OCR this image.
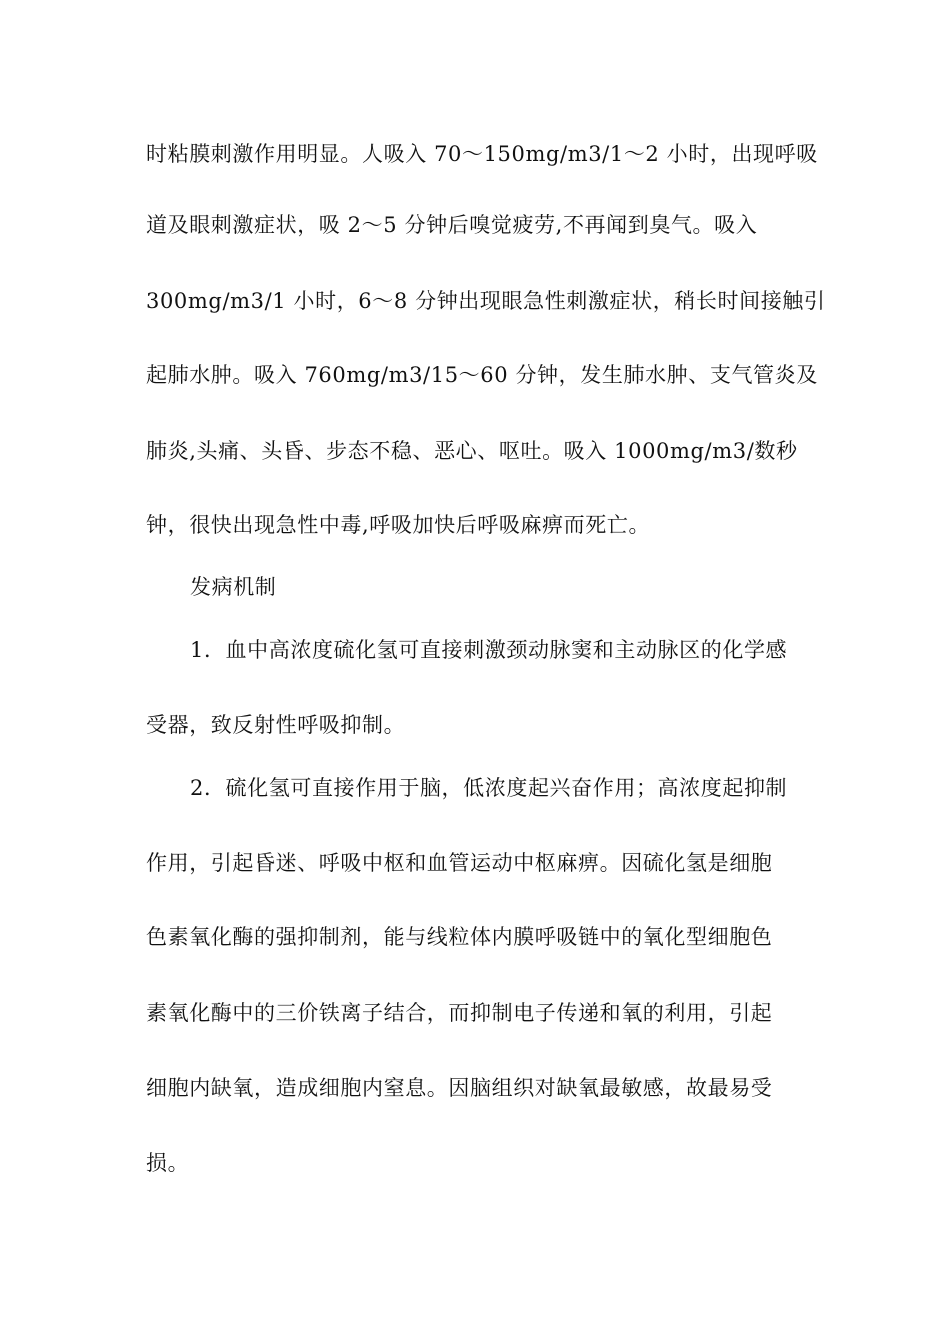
时粘膜刺激作用明显。人吸入 70～150mg/m3/1～2 小时，出现呼吸
道及眼刺激症状，吸 2～5 分钟后嗅觉疲劳,不再闻到臭气。吸入
300mg/m3/1 小时，6～8 分钟出现眼急性刺激症状，稍长时间接触引
起肺水肿。吸入 760mg/m3/15～60 分钟，发生肺水肿、支气管炎及
肺炎,头痛、头昏、步态不稳、恶心、呕吐。吸入 1000mg/m3/数秒
钟，很快出现急性中毒,呼吸加快后呼吸麻痹而死亡。
发病机制
1．血中高浓度硫化氢可直接刺激颈动脉窦和主动脉区的化学感
受器，致反射性呼吸抑制。
2．硫化氢可直接作用于脑，低浓度起兴奋作用；高浓度起抑制
作用，引起昏迷、呼吸中枢和血管运动中枢麻痹。因硫化氢是细胞
色素氧化酶的强抑制剂，能与线粒体内膜呼吸链中的氧化型细胞色
素氧化酶中的三价铁离子结合，而抑制电子传递和氧的利用，引起
细胞内缺氧，造成细胞内窒息。因脑组织对缺氧最敏感，故最易受
损。
